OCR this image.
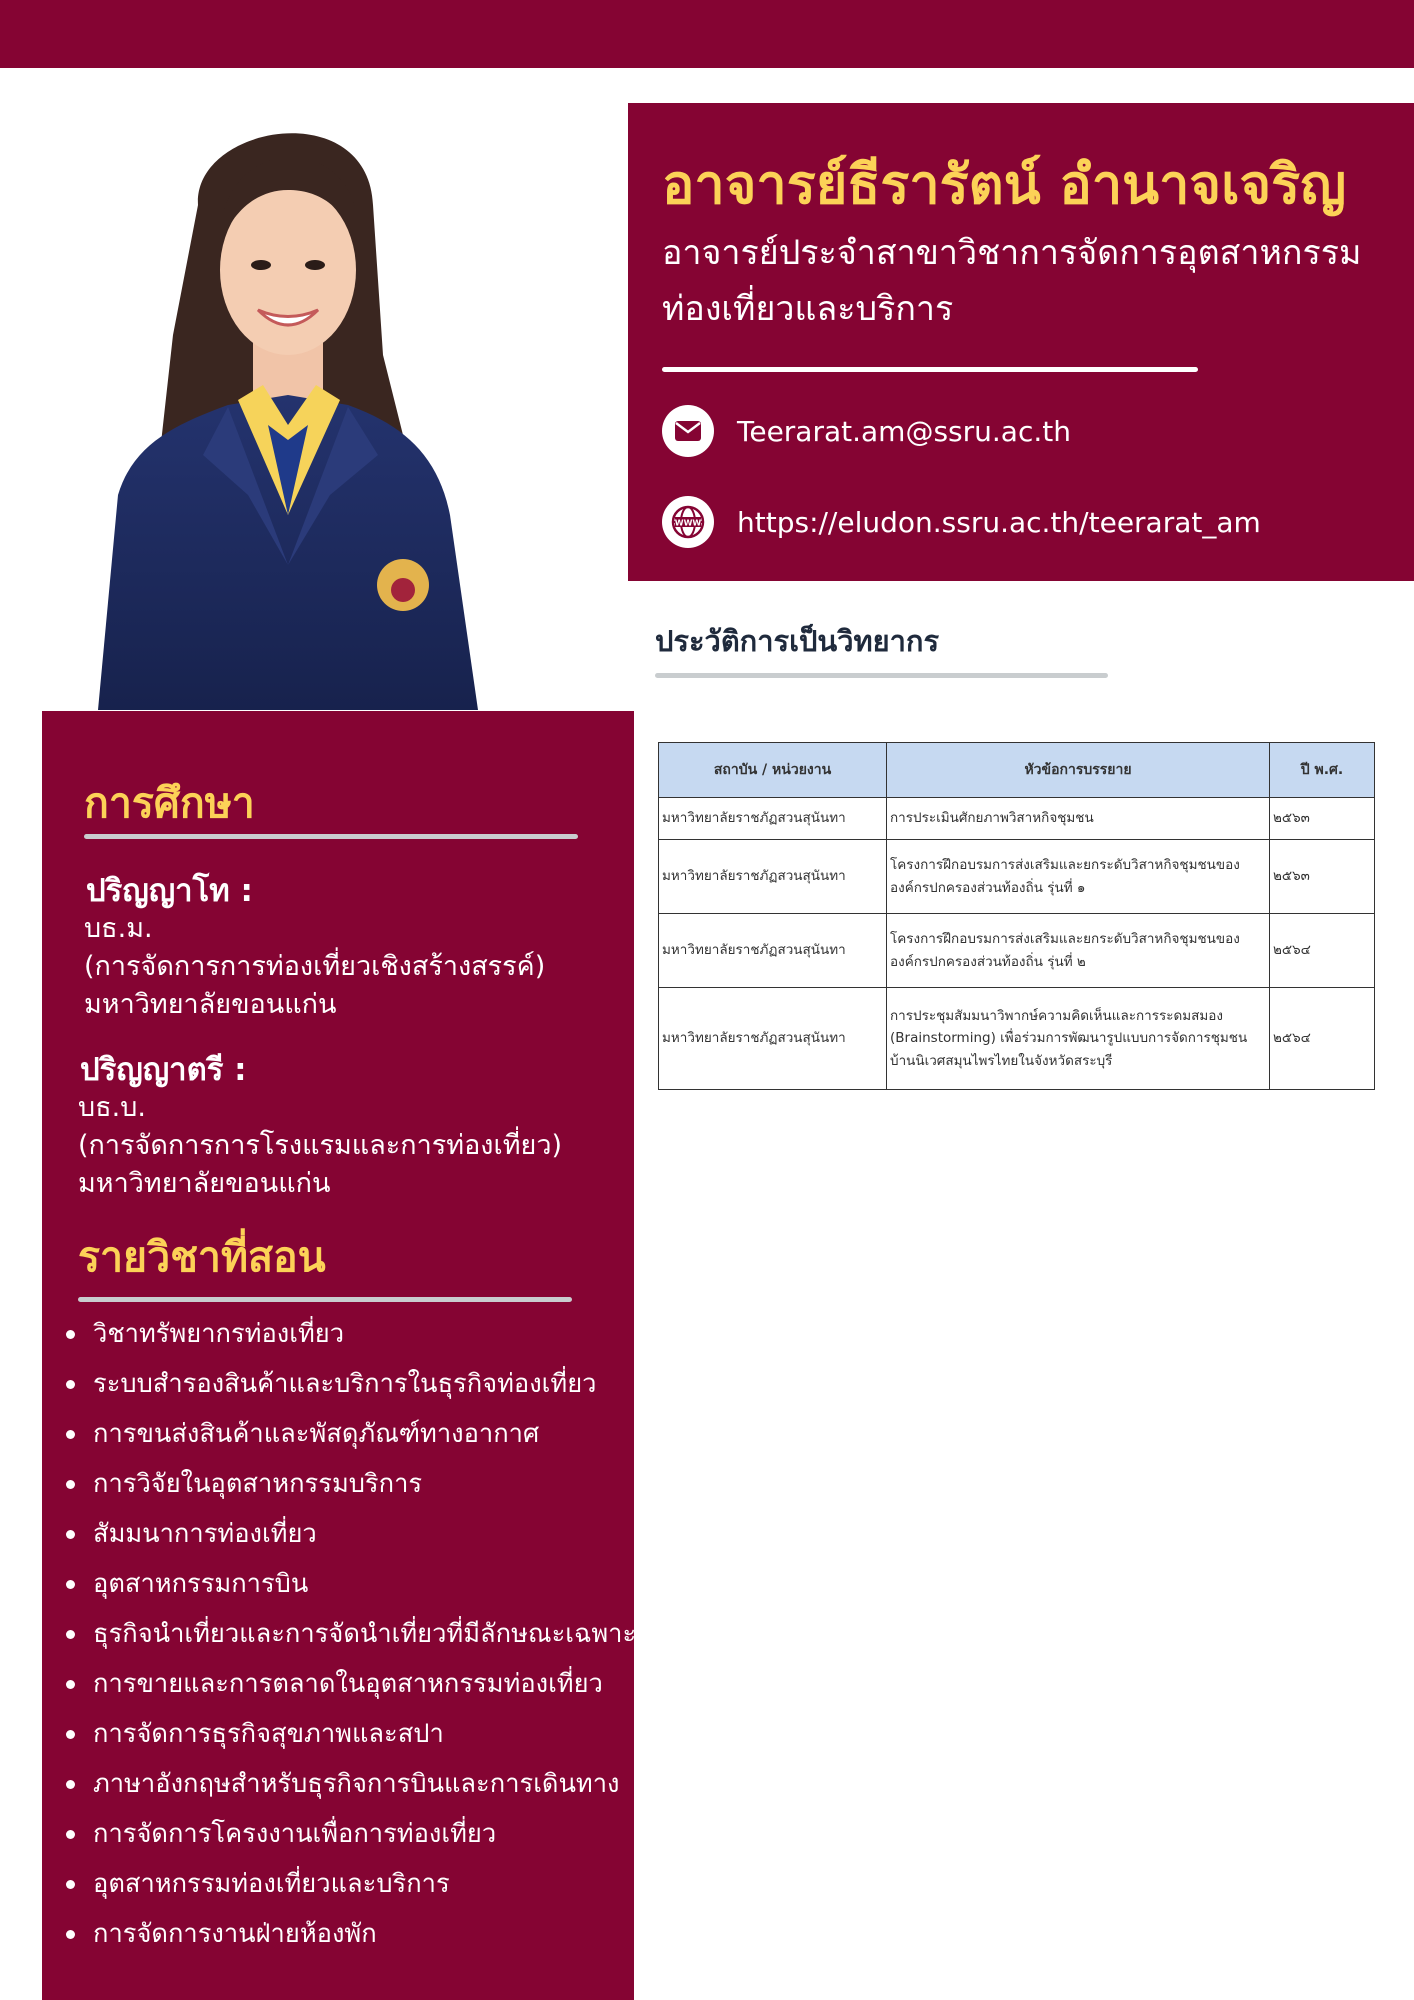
อาจารย์ธีรารัตน์ อำนาจเจริญ
อาจารย์ประจำสาขาวิชาการจัดการอุตสาหกรรม
ท่องเที่ยวและบริการ
Teerarat.am@ssru.ac.th
WWW https://eludon.ssru.ac.th/teerarat_am
ประวัติการเป็นวิทยากร
สถาบัน / หน่วยงาน	หัวข้อการบรรยาย	ปี พ.ศ.
มหาวิทยาลัยราชภัฏสวนสุนันทา	การประเมินศักยภาพวิสาหกิจชุมชน	๒๕๖๓
มหาวิทยาลัยราชภัฏสวนสุนันทา	โครงการฝึกอบรมการส่งเสริมและยกระดับวิสาหกิจชุมชนของ
องค์กรปกครองส่วนท้องถิ่น รุ่นที่ ๑	๒๕๖๓
มหาวิทยาลัยราชภัฏสวนสุนันทา	โครงการฝึกอบรมการส่งเสริมและยกระดับวิสาหกิจชุมชนของ
องค์กรปกครองส่วนท้องถิ่น รุ่นที่ ๒	๒๕๖๔
มหาวิทยาลัยราชภัฏสวนสุนันทา	การประชุมสัมมนาวิพากษ์ความคิดเห็นและการระดมสมอง
(Brainstorming) เพื่อร่วมการพัฒนารูปแบบการจัดการชุมชน
บ้านนิเวศสมุนไพรไทยในจังหวัดสระบุรี	๒๕๖๔
การศึกษา
ปริญญาโท :
บธ.ม.
(การจัดการการท่องเที่ยวเชิงสร้างสรรค์)
มหาวิทยาลัยขอนแก่น
ปริญญาตรี :
บธ.บ.
(การจัดการการโรงแรมและการท่องเที่ยว)
มหาวิทยาลัยขอนแก่น
รายวิชาที่สอน
วิชาทรัพยากรท่องเที่ยว
ระบบสำรองสินค้าและบริการในธุรกิจท่องเที่ยว
การขนส่งสินค้าและพัสดุภัณฑ์ทางอากาศ
การวิจัยในอุตสาหกรรมบริการ
สัมมนาการท่องเที่ยว
อุตสาหกรรมการบิน
ธุรกิจนำเที่ยวและการจัดนำเที่ยวที่มีลักษณะเฉพาะ
การขายและการตลาดในอุตสาหกรรมท่องเที่ยว
การจัดการธุรกิจสุขภาพและสปา
ภาษาอังกฤษสำหรับธุรกิจการบินและการเดินทาง
การจัดการโครงงานเพื่อการท่องเที่ยว
อุตสาหกรรมท่องเที่ยวและบริการ
การจัดการงานฝ่ายห้องพัก
